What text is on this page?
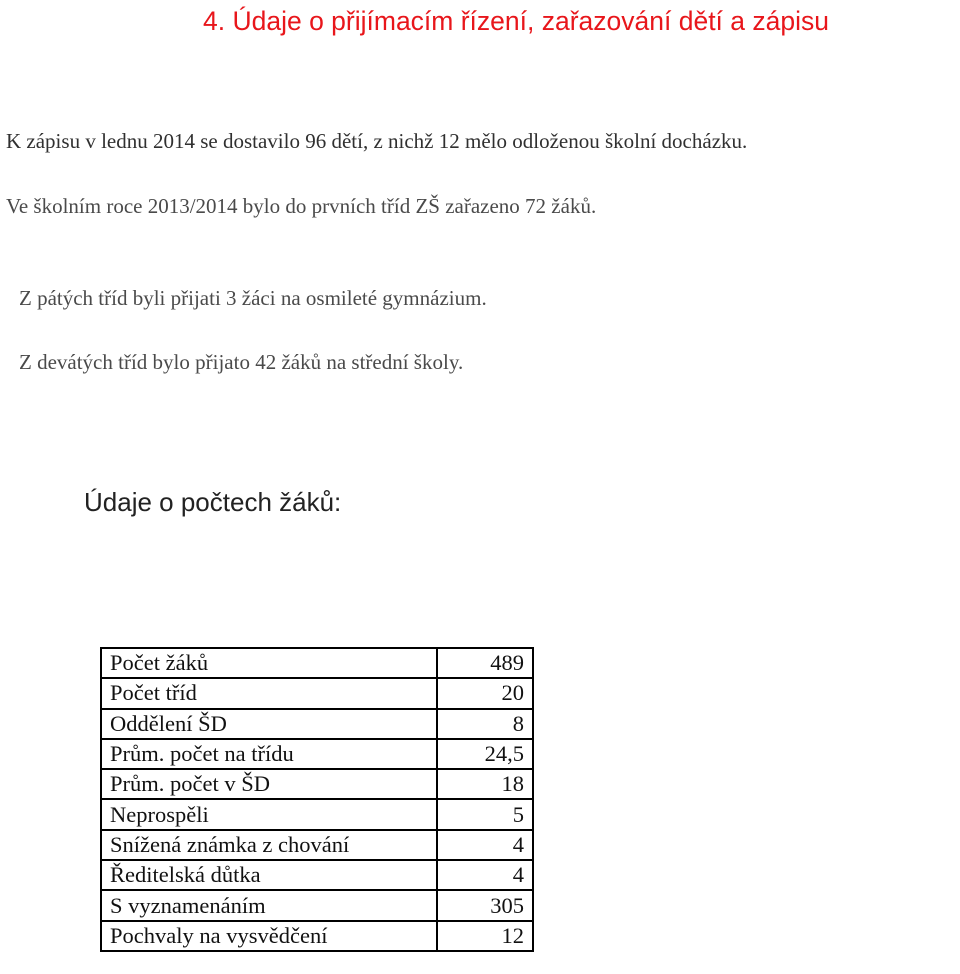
4. Údaje o přijímacím řízení, zařazování dětí a zápisu

K zápisu v lednu 2014 se dostavilo 96 dětí, z nichž 12 mělo odloženou školní docházku.

Ve školním roce 2013/2014 bylo do prvních tříd ZŠ zařazeno 72 žáků.

Z pátých tříd byli přijati 3 žáci na osmileté gymnázium.

Z devátých tříd bylo přijato 42 žáků na střední školy.

Údaje o počtech žáků:
Počet žáků	489
Počet tříd	20
Oddělení ŠD	8
Prům. počet na třídu	24,5
Prům. počet v ŠD	18
Neprospěli	5
Snížená známka z chování	4
Ředitelská důtka	4
S vyznamenáním	305
Pochvaly na vysvědčení	12
